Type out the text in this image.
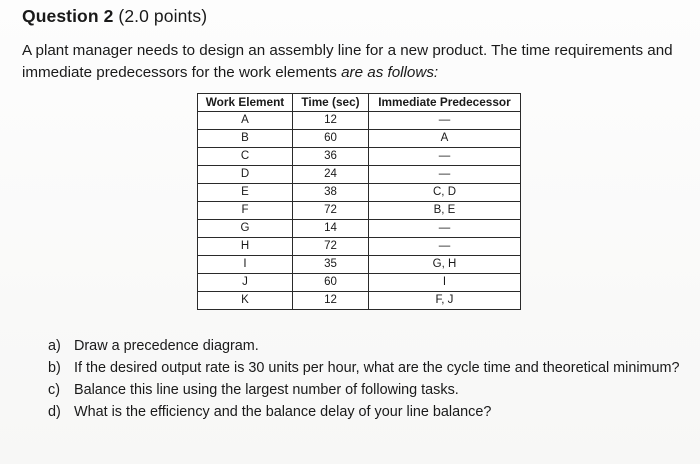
Question 2 (2.0 points)
A plant manager needs to design an assembly line for a new product. The time requirements and immediate predecessors for the work elements are as follows:
Work Element	Time (sec)	Immediate Predecessor
A	12	—
B	60	A
C	36	—
D	24	—
E	38	C, D
F	72	B, E
G	14	—
H	72	—
I	35	G, H
J	60	I
K	12	F, J
a) Draw a precedence diagram.
b) If the desired output rate is 30 units per hour, what are the cycle time and theoretical minimum?
c) Balance this line using the largest number of following tasks.
d) What is the efficiency and the balance delay of your line balance?
